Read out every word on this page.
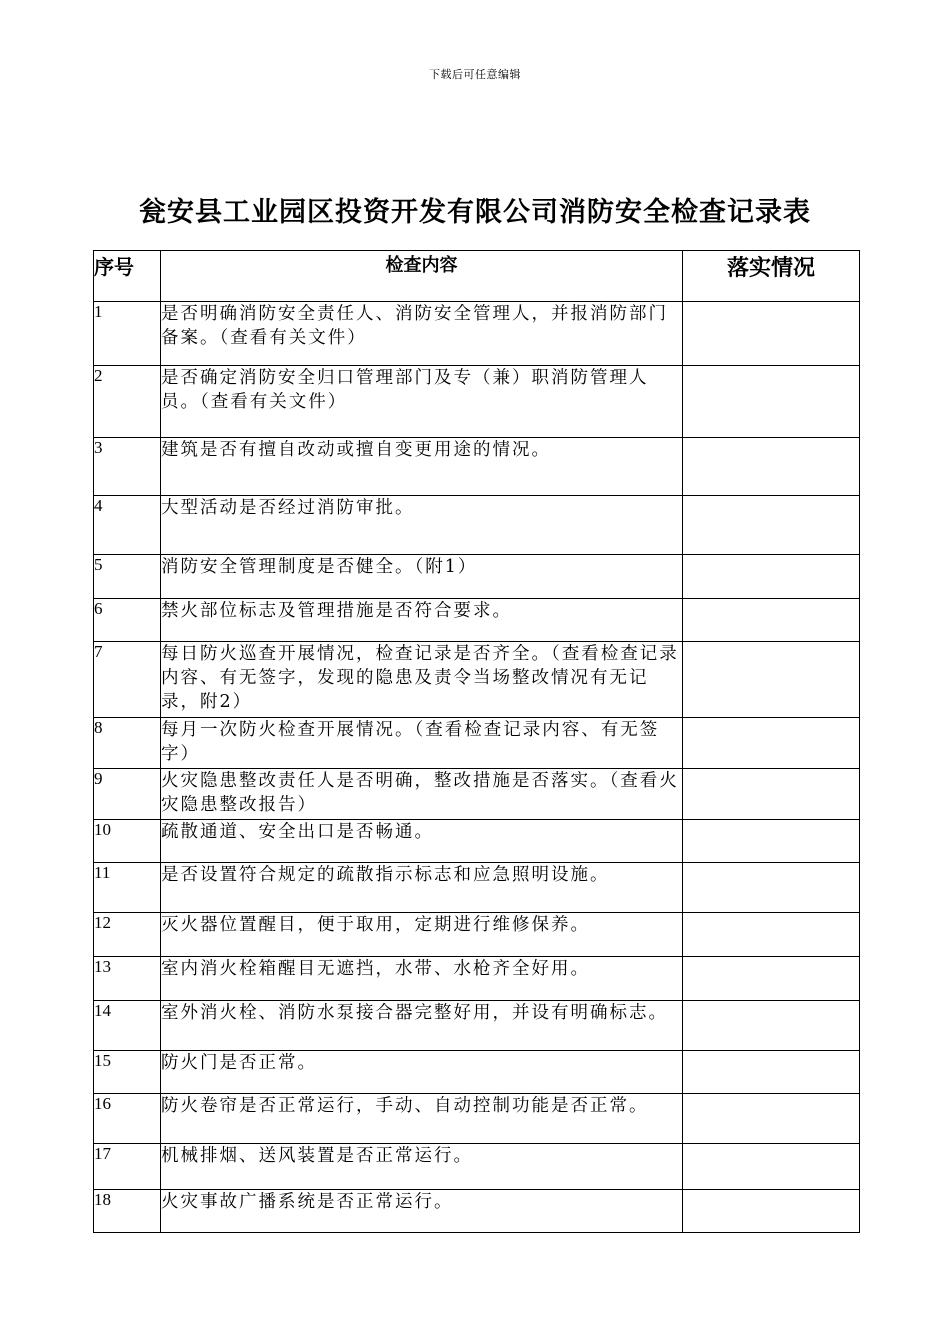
下载后可任意编辑
瓮安县工业园区投资开发有限公司消防安全检查记录表
序号	检查内容	落实情况
1	是否明确消防安全责任人、消防安全管理人，并报消防部门备案。（查看有关文件）	
2	是否确定消防安全归口管理部门及专（兼）职消防管理人员。（查看有关文件）	
3	建筑是否有擅自改动或擅自变更用途的情况。	
4	大型活动是否经过消防审批。	
5	消防安全管理制度是否健全。（附1）	
6	禁火部位标志及管理措施是否符合要求。	
7	每日防火巡查开展情况，检查记录是否齐全。（查看检查记录内容、有无签字，发现的隐患及责令当场整改情况有无记录，附2）	
8	每月一次防火检查开展情况。（查看检查记录内容、有无签字）	
9	火灾隐患整改责任人是否明确，整改措施是否落实。（查看火灾隐患整改报告）	
10	疏散通道、安全出口是否畅通。	
11	是否设置符合规定的疏散指示标志和应急照明设施。	
12	灭火器位置醒目，便于取用，定期进行维修保养。	
13	室内消火栓箱醒目无遮挡，水带、水枪齐全好用。	
14	室外消火栓、消防水泵接合器完整好用，并设有明确标志。	
15	防火门是否正常。	
16	防火卷帘是否正常运行，手动、自动控制功能是否正常。	
17	机械排烟、送风装置是否正常运行。	
18	火灾事故广播系统是否正常运行。	
